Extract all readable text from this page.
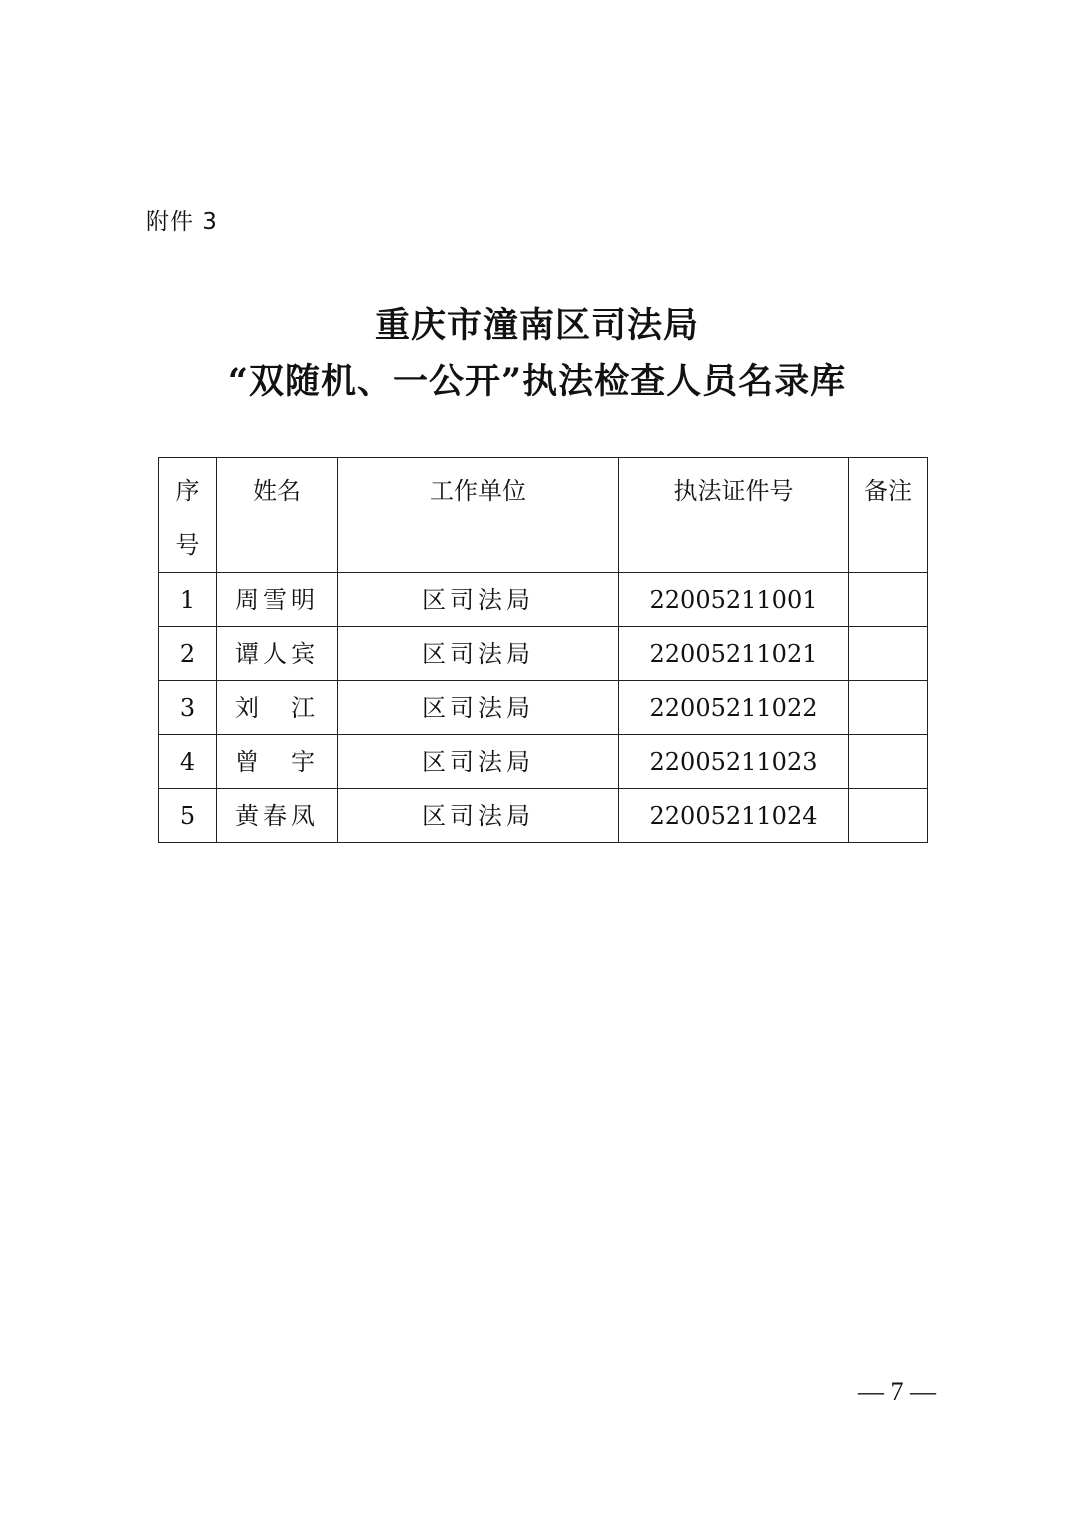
附件 3
重庆市潼南区司法局
“双随机、一公开”执法检查人员名录库
序号	姓名	工作单位	执法证件号	备注
1	周雪明	区司法局	22005211001	
2	谭人宾	区司法局	22005211021	
3	刘　江	区司法局	22005211022	
4	曾　宇	区司法局	22005211023	
5	黄春凤	区司法局	22005211024	
— 7 —
